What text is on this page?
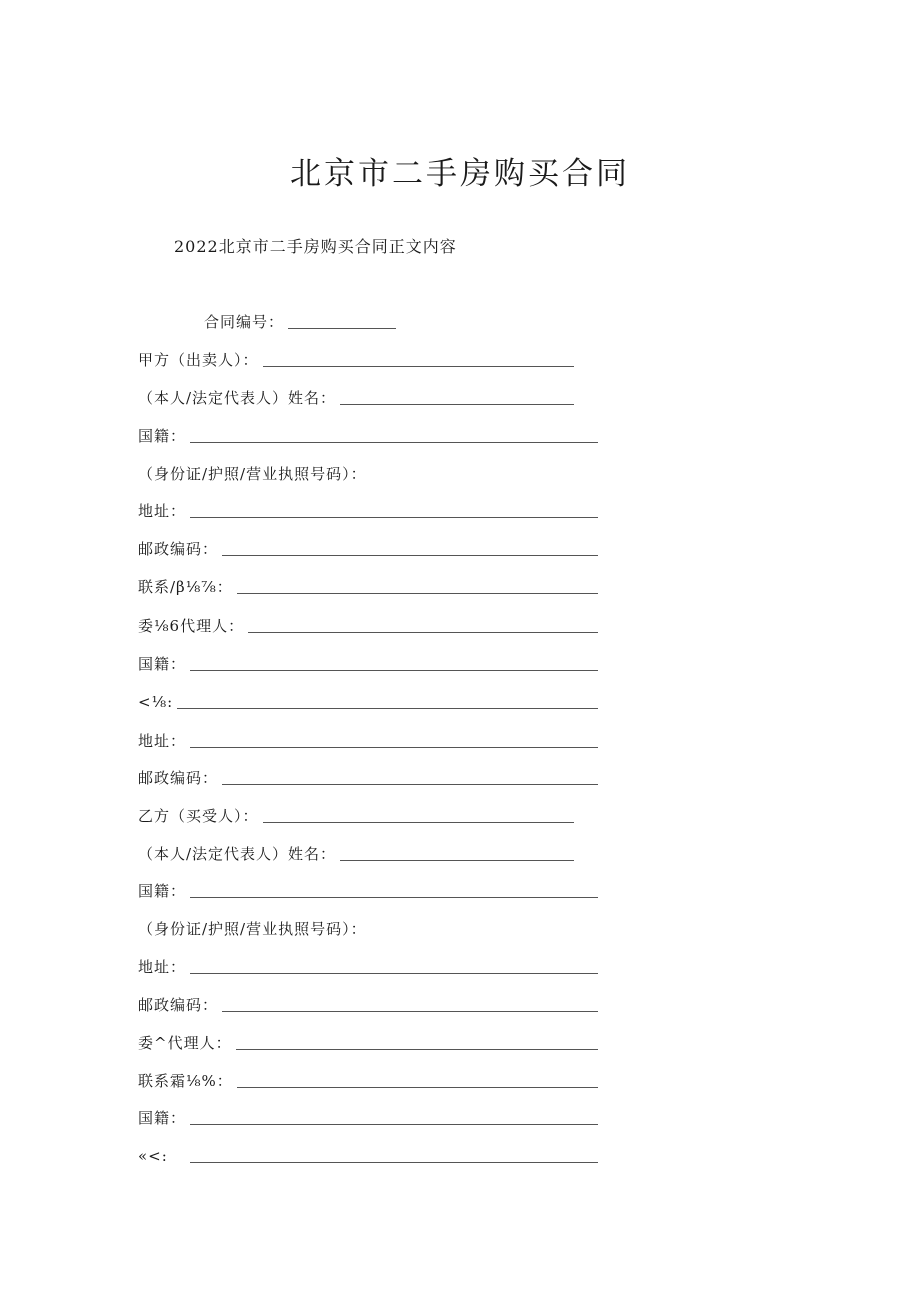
北京市二手房购买合同
2022北京市二手房购买合同正文内容
合同编号：
甲方（出卖人）：
（本人/法定代表人）姓名：
国籍：
（身份证/护照/营业执照号码）：
地址：
邮政编码：
联系/β⅛⅞：
委⅛6代理人：
国籍：
<⅛:
地址：
邮政编码：
乙方（买受人）：
（本人/法定代表人）姓名：
国籍：
（身份证/护照/营业执照号码）：
地址：
邮政编码：
委^代理人：
联系霜⅛%：
国籍：
«<:
